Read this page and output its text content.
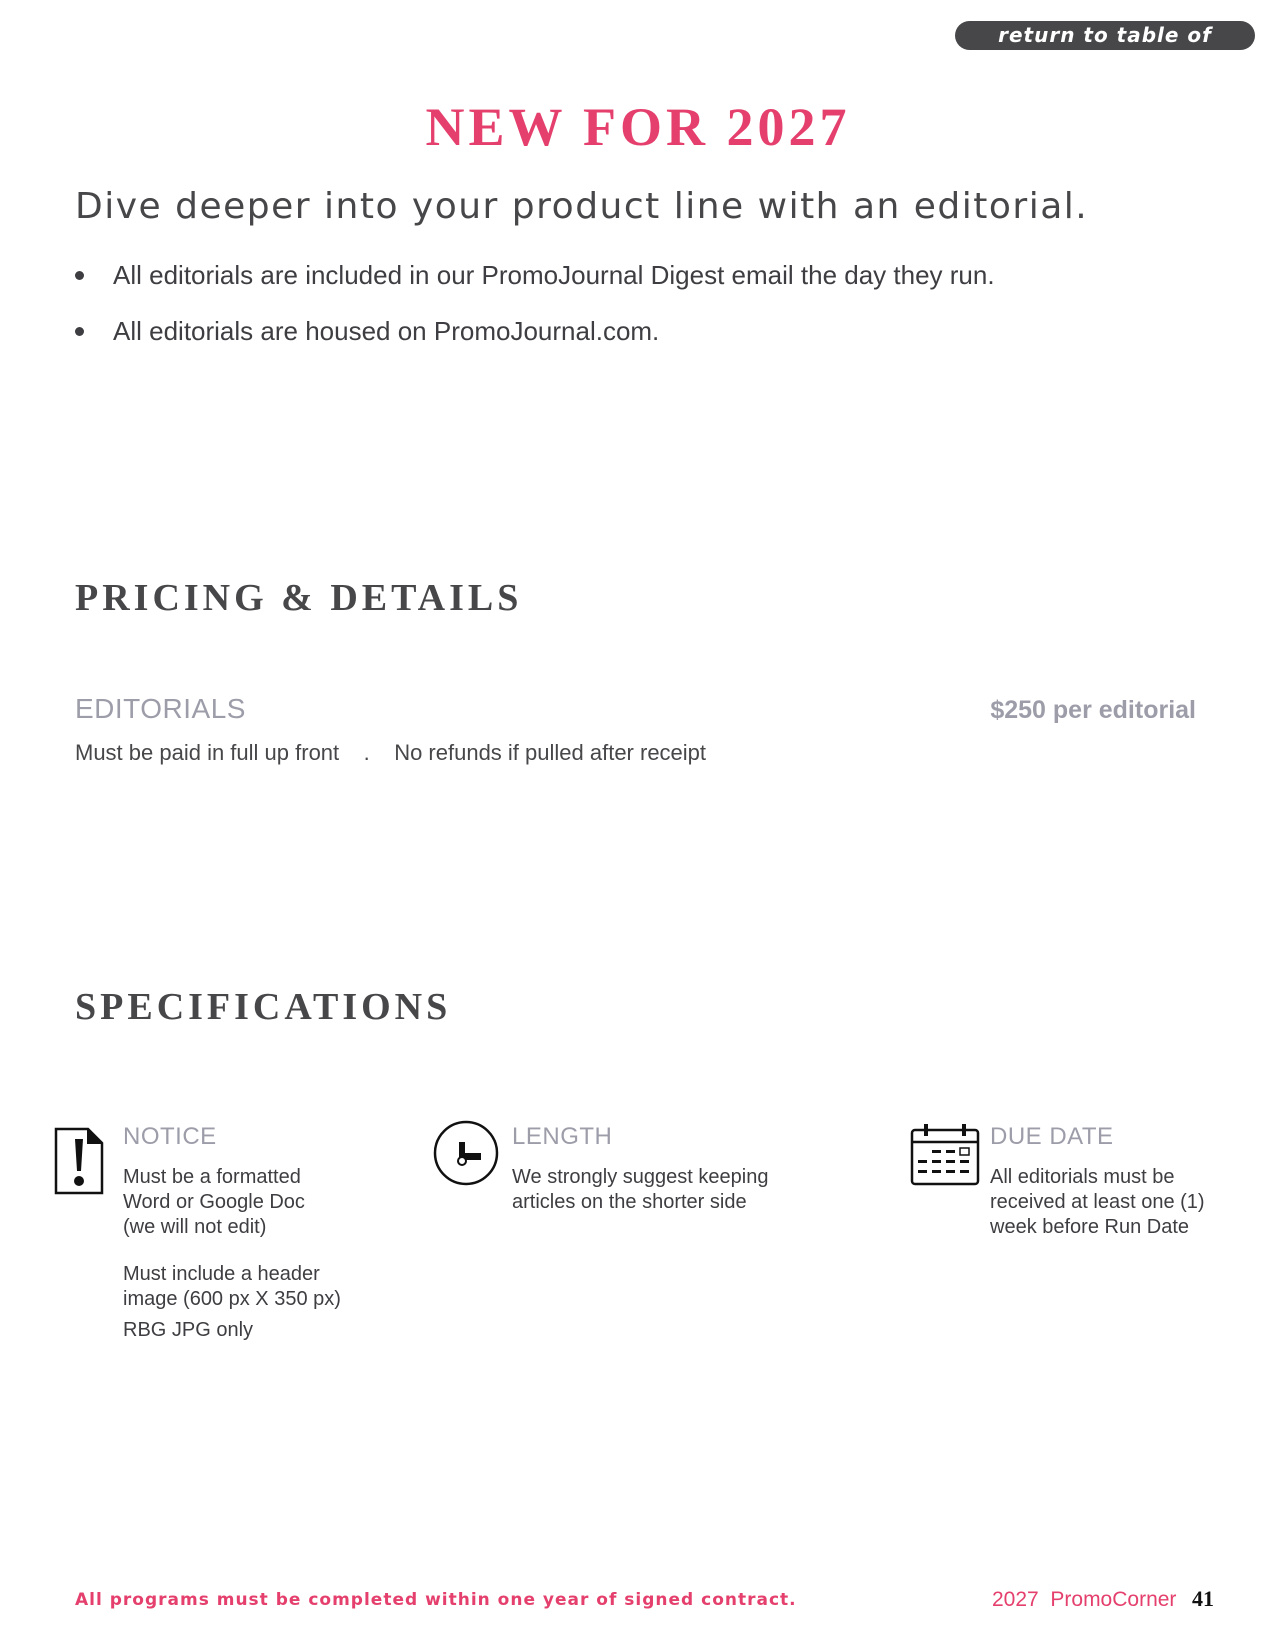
return to table of contents
NEW FOR 2027
Dive deeper into your product line with an editorial.
All editorials are included in our PromoJournal Digest email the day they run.
All editorials are housed on PromoJournal.com.
PRICING & DETAILS
EDITORIALS	$250 per editorial
Must be paid in full up front . No refunds if pulled after receipt
SPECIFICATIONS
NOTICE

Must be a formatted

Word or Google Doc

(we will not edit)

Must include a header

image (600 px X 350 px)

RBG JPG only

LENGTH

We strongly suggest keeping

articles on the shorter side

DUE DATE

All editorials must be

received at least one (1)

week before Run Date

All programs must be completed within one year of signed contract.	2027  PromoCorner 41
